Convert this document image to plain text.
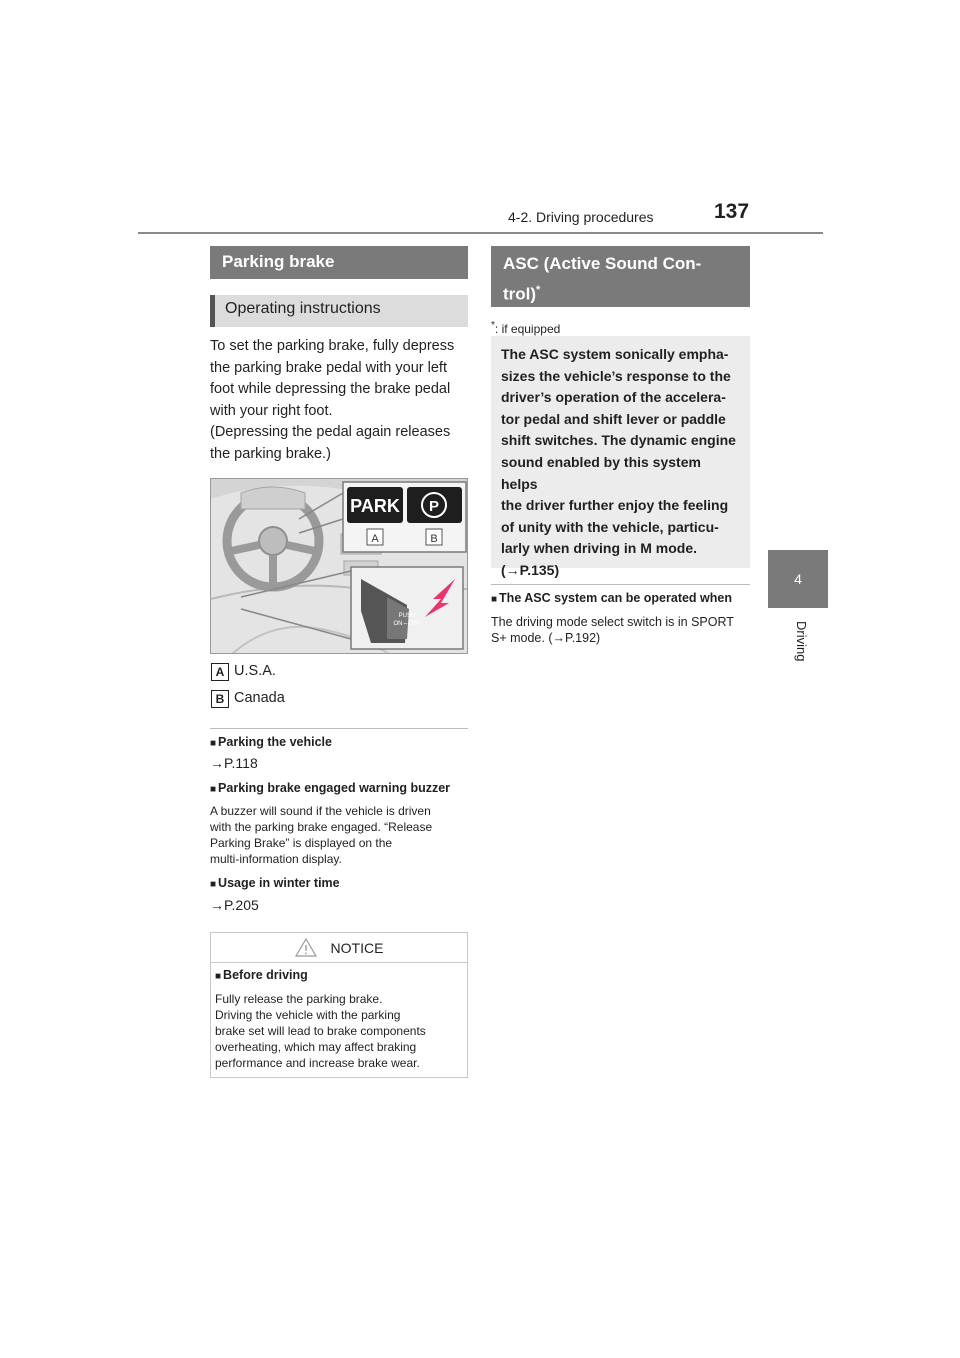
4-2. Driving procedures	137
4
Driving
Parking brake
Operating instructions
To set the parking brake, fully depress
the parking brake pedal with your left
foot while depressing the brake pedal
with your right foot.
(Depressing the pedal again releases
the parking brake.)
PARK P
A	B
PUSH
ON⇔OFF
A U.S.A.
B Canada
■ Parking the vehicle
→P.118
■ Parking brake engaged warning buzzer
A buzzer will sound if the vehicle is driven
with the parking brake engaged. “Release
Parking Brake” is displayed on the
multi-information display.
■ Usage in winter time
→P.205
NOTICE
■ Before driving
Fully release the parking brake.
Driving the vehicle with the parking
brake set will lead to brake components
overheating, which may affect braking
performance and increase brake wear.
ASC (Active Sound Con-
trol)*
*: if equipped
The ASC system sonically empha-
sizes the vehicle’s response to the
driver’s operation of the accelera-
tor pedal and shift lever or paddle
shift switches. The dynamic engine
sound enabled by this system helps
the driver further enjoy the feeling
of unity with the vehicle, particu-
larly when driving in M mode.
(→P.135)
■ The ASC system can be operated when
The driving mode select switch is in SPORT
S+ mode. (→P.192)
